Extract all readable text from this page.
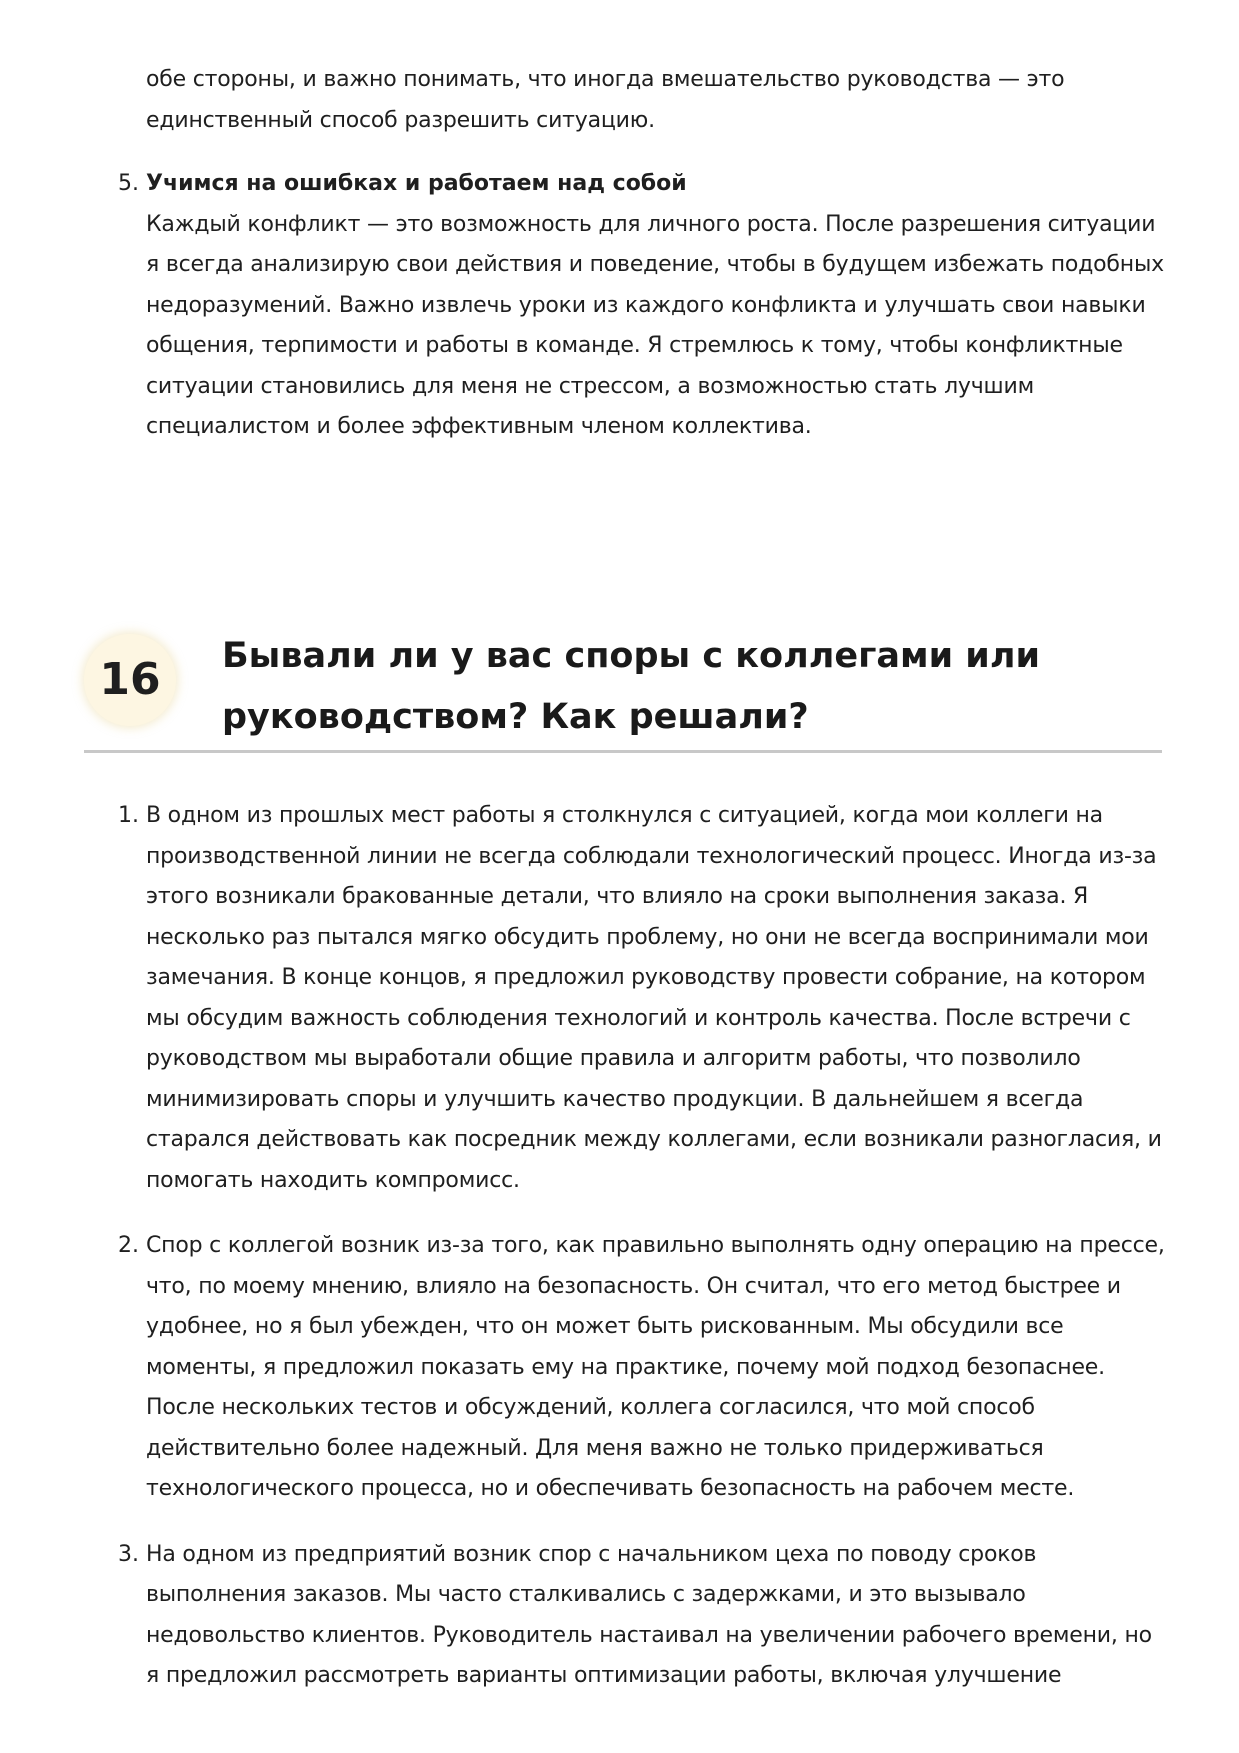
обе стороны, и важно понимать, что иногда вмешательство руководства — это единственный способ разрешить ситуацию.

5. Учимся на ошибках и работаем над собой

Каждый конфликт — это возможность для личного роста. После разрешения ситуации я всегда анализирую свои действия и поведение, чтобы в будущем избежать подобных недоразумений. Важно извлечь уроки из каждого конфликта и улучшать свои навыки общения, терпимости и работы в команде. Я стремлюсь к тому, чтобы конфликтные ситуации становились для меня не стрессом, а возможностью стать лучшим специалистом и более эффективным членом коллектива.

16 Бывали ли у вас споры с коллегами или руководством? Как решали?
1. В одном из прошлых мест работы я столкнулся с ситуацией, когда мои коллеги на производственной линии не всегда соблюдали технологический процесс. Иногда из-за этого возникали бракованные детали, что влияло на сроки выполнения заказа. Я несколько раз пытался мягко обсудить проблему, но они не всегда воспринимали мои замечания. В конце концов, я предложил руководству провести собрание, на котором мы обсудим важность соблюдения технологий и контроль качества. После встречи с руководством мы выработали общие правила и алгоритм работы, что позволило минимизировать споры и улучшить качество продукции. В дальнейшем я всегда старался действовать как посредник между коллегами, если возникали разногласия, и помогать находить компромисс.

2. Спор с коллегой возник из-за того, как правильно выполнять одну операцию на прессе, что, по моему мнению, влияло на безопасность. Он считал, что его метод быстрее и удобнее, но я был убежден, что он может быть рискованным. Мы обсудили все моменты, я предложил показать ему на практике, почему мой подход безопаснее. После нескольких тестов и обсуждений, коллега согласился, что мой способ действительно более надежный. Для меня важно не только придерживаться технологического процесса, но и обеспечивать безопасность на рабочем месте.

3. На одном из предприятий возник спор с начальником цеха по поводу сроков выполнения заказов. Мы часто сталкивались с задержками, и это вызывало недовольство клиентов. Руководитель настаивал на увеличении рабочего времени, но я предложил рассмотреть варианты оптимизации работы, включая улучшение
